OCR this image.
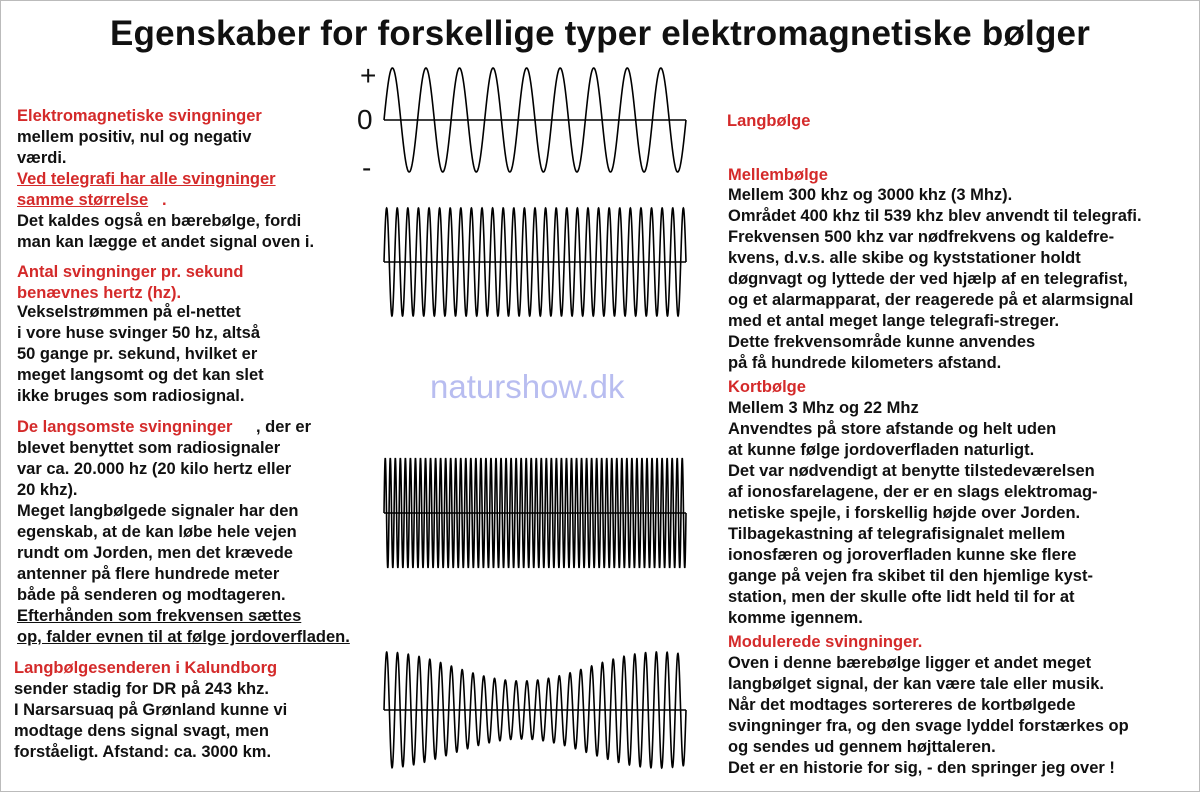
Egenskaber for forskellige typer elektromagnetiske bølger
+
0
-
naturshow.dk
Elektromagnetiske svingninger
mellem positiv, nul og negativ
værdi.
Ved telegrafi har alle svingninger
samme størrelse .
Det kaldes også en bærebølge, fordi
man kan lægge et andet signal oven i.
Antal svingninger pr. sekund
benævnes hertz (hz).
Vekselstrømmen på el-nettet
i vore huse svinger 50 hz, altså
50 gange pr. sekund, hvilket er
meget langsomt og det kan slet
ikke bruges som radiosignal.
De langsomste svingninger , der er
blevet benyttet som radiosignaler
var ca. 20.000 hz (20 kilo hertz eller
20 khz).
Meget langbølgede signaler har den
egenskab, at de kan løbe hele vejen
rundt om Jorden, men det krævede
antenner på flere hundrede meter
både på senderen og modtageren.
Efterhånden som frekvensen sættes
op, falder evnen til at følge jordoverfladen.
Langbølgesenderen i Kalundborg
sender stadig for DR på 243 khz.
I Narsarsuaq på Grønland kunne vi
modtage dens signal svagt, men
forståeligt. Afstand: ca. 3000 km.
Langbølge
Mellembølge
Mellem 300 khz og 3000 khz (3 Mhz).
Området 400 khz til 539 khz blev anvendt til telegrafi.
Frekvensen 500 khz var nødfrekvens og kaldefre-
kvens, d.v.s. alle skibe og kyststationer holdt
døgnvagt og lyttede der ved hjælp af en telegrafist,
og et alarmapparat, der reagerede på et alarmsignal
med et antal meget lange telegrafi-streger.
Dette frekvensområde kunne anvendes
på få hundrede kilometers afstand.
Kortbølge
Mellem 3 Mhz og 22 Mhz
Anvendtes på store afstande og helt uden
at kunne følge jordoverfladen naturligt.
Det var nødvendigt at benytte tilstedeværelsen
af ionosfarelagene, der er en slags elektromag-
netiske spejle, i forskellig højde over Jorden.
Tilbagekastning af telegrafisignalet mellem
ionosfæren og joroverfladen kunne ske flere
gange på vejen fra skibet til den hjemlige kyst-
station, men der skulle ofte lidt held til for at
komme igennem.
Modulerede svingninger.
Oven i denne bærebølge ligger et andet meget
langbølget signal, der kan være tale eller musik.
Når det modtages sortereres de kortbølgede
svingninger fra, og den svage lyddel forstærkes op
og sendes ud gennem højttaleren.
Det er en historie for sig, - den springer jeg over !
